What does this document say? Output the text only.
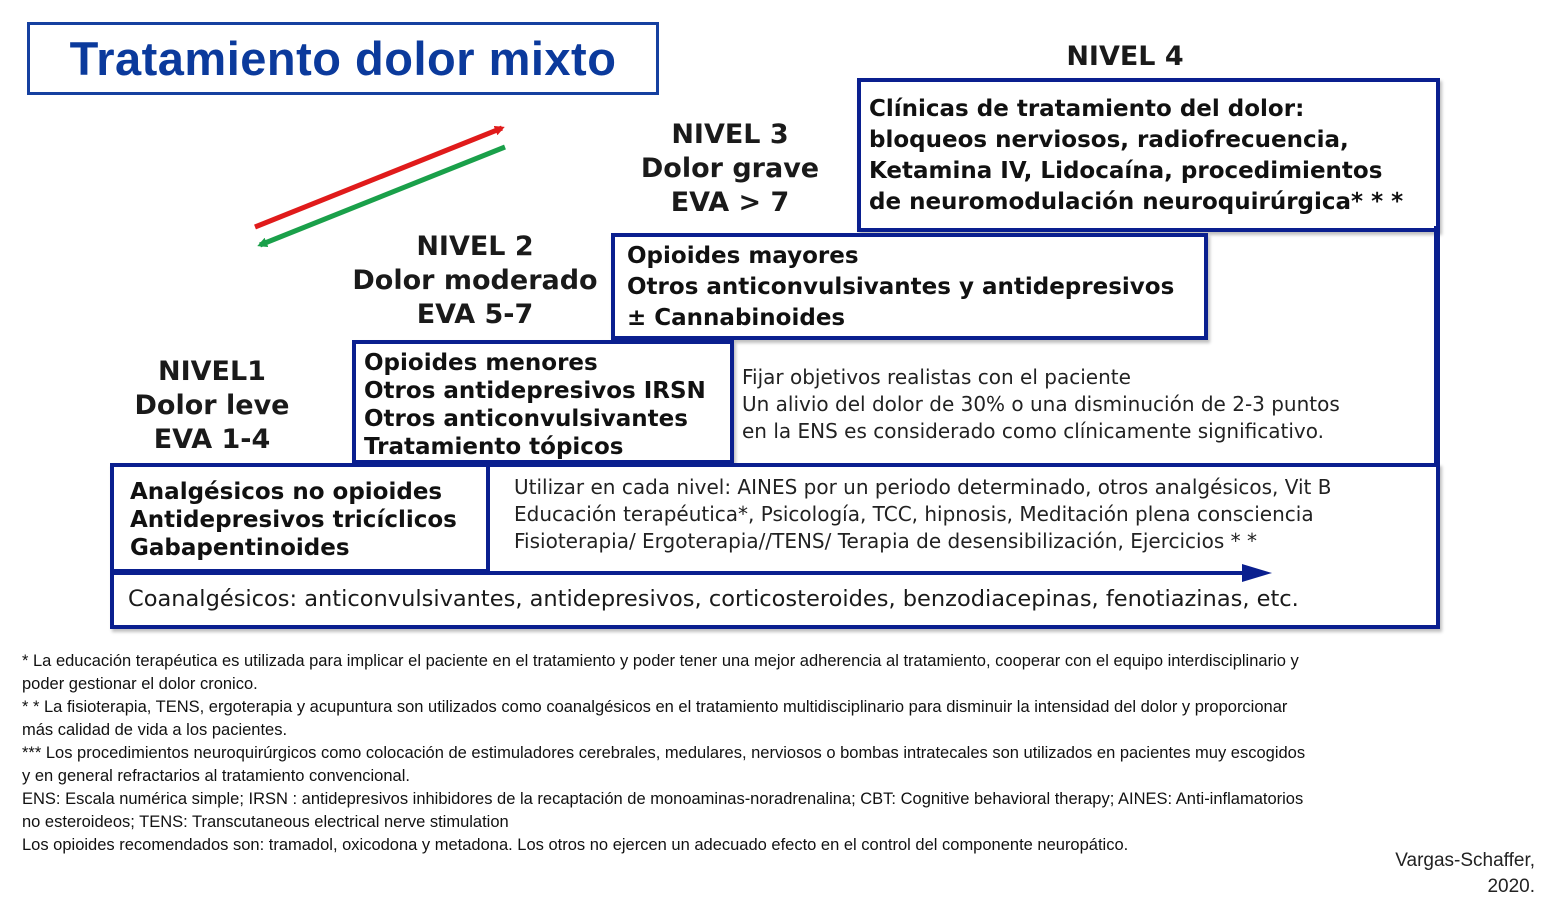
Tratamiento dolor mixto
NIVEL1
Dolor leve
EVA 1-4
NIVEL 2
Dolor moderado
EVA 5-7
NIVEL 3
Dolor grave
EVA > 7
NIVEL 4
Clínicas de tratamiento del dolor:
bloqueos nerviosos, radiofrecuencia,
Ketamina IV, Lidocaína, procedimientos
de neuromodulación neuroquirúrgica* * *
Opioides mayores
Otros anticonvulsivantes y antidepresivos
± Cannabinoides
Opioides menores
Otros antidepresivos IRSN
Otros anticonvulsivantes
Tratamiento tópicos
Fijar objetivos realistas con el paciente
Un alivio del dolor de 30% o una disminución de 2-3 puntos
en la ENS es considerado como clínicamente significativo.
Analgésicos no opioides
Antidepresivos tricíclicos
Gabapentinoides
Utilizar en cada nivel: AINES por un periodo determinado, otros analgésicos, Vit B
Educación terapéutica*, Psicología, TCC, hipnosis, Meditación plena consciencia
Fisioterapia/ Ergoterapia//TENS/ Terapia de desensibilización, Ejercicios * *
Coanalgésicos: anticonvulsivantes, antidepresivos, corticosteroides, benzodiacepinas, fenotiazinas, etc.
* La educación terapéutica es utilizada para implicar el paciente en el tratamiento y poder tener una mejor adherencia al tratamiento, cooperar con el equipo interdisciplinario y
poder gestionar el dolor cronico.
* * La fisioterapia, TENS, ergoterapia y acupuntura son utilizados como coanalgésicos en el tratamiento multidisciplinario para disminuir la intensidad del dolor y proporcionar
más calidad de vida a los pacientes.
*** Los procedimientos neuroquirúrgicos como colocación de estimuladores cerebrales, medulares, nerviosos o bombas intratecales son utilizados en pacientes muy escogidos
y en general refractarios al tratamiento convencional.
ENS: Escala numérica simple; IRSN : antidepresivos inhibidores de la recaptación de monoaminas-noradrenalina; CBT: Cognitive behavioral therapy; AINES: Anti-inflamatorios
no esteroideos; TENS: Transcutaneous electrical nerve stimulation
Los opioides recomendados son: tramadol, oxicodona y metadona. Los otros no ejercen un adecuado efecto en el control del componente neuropático.
Vargas-Schaffer,
2020.
